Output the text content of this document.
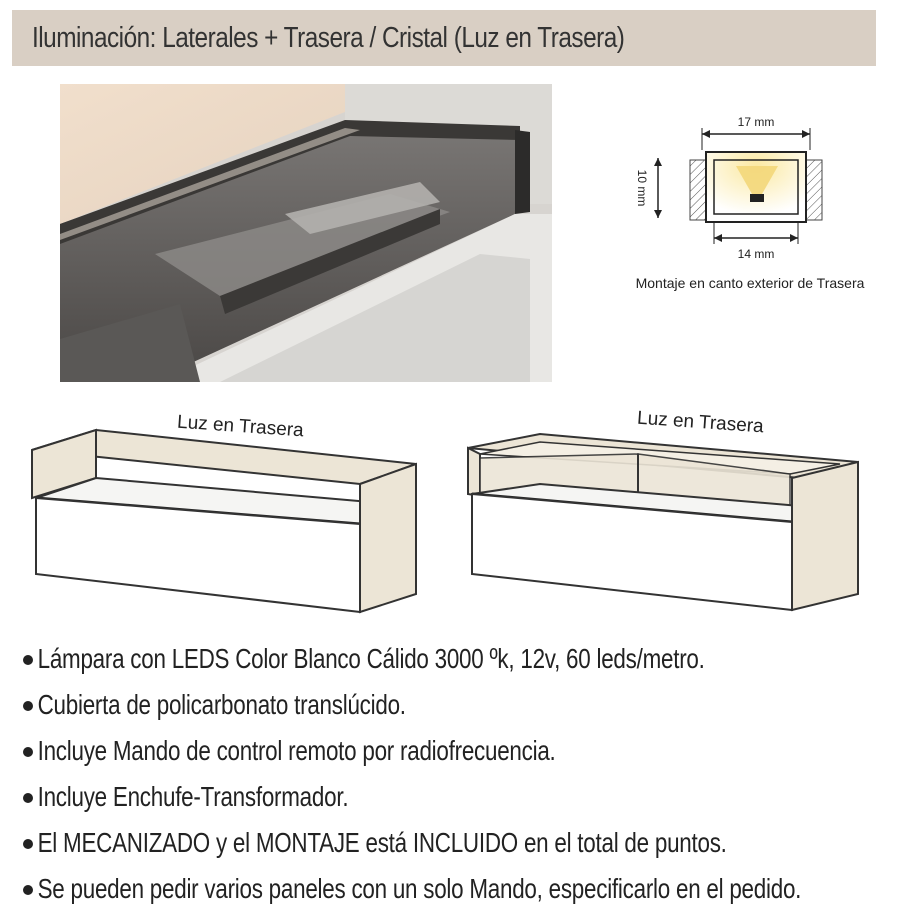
Iluminación: Laterales + Trasera / Cristal (Luz en Trasera)
17 mm
10 mm
14 mm
Montaje en canto exterior de Trasera
Luz en Trasera	Luz en Trasera
Lámpara con LEDS Color Blanco Cálido 3000 ºk, 12v, 60 leds/metro.
Cubierta de policarbonato translúcido.
Incluye Mando de control remoto por radiofrecuencia.
Incluye Enchufe-Transformador.
El MECANIZADO y el MONTAJE está INCLUIDO en el total de puntos.
Se pueden pedir varios paneles con un solo Mando, especificarlo en el pedido.
